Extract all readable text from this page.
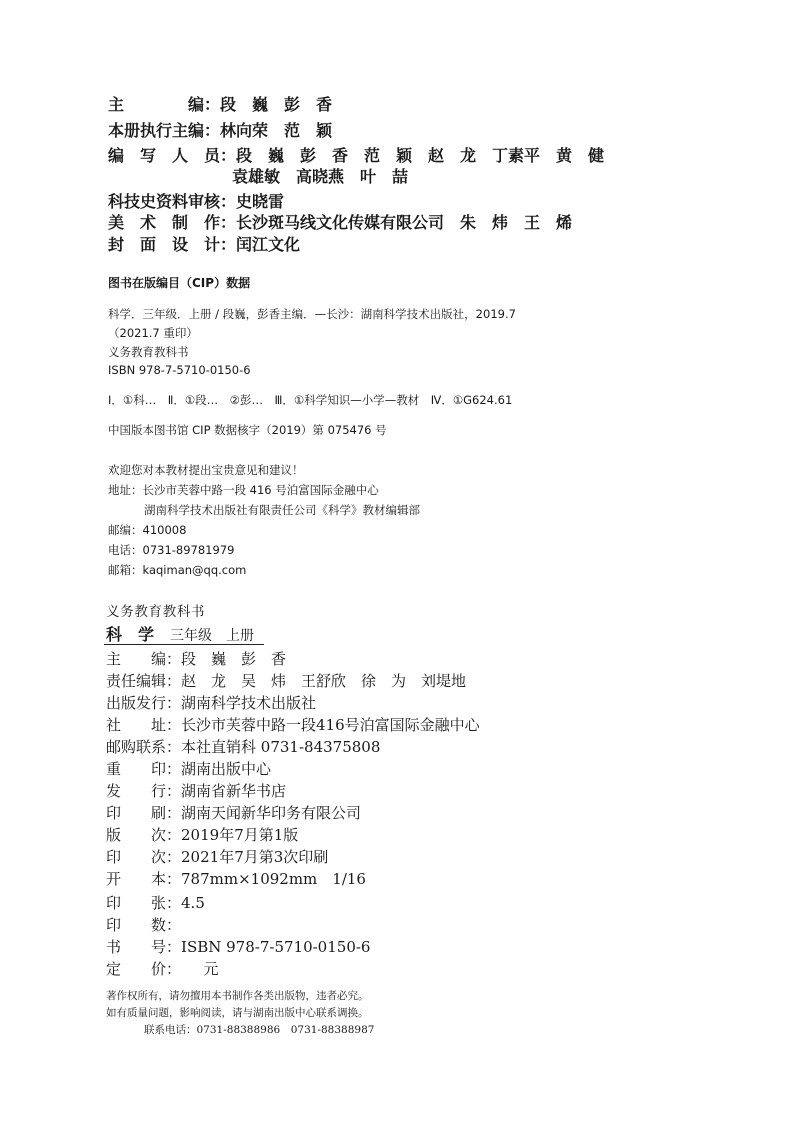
主　　　　编：段　巍　彭　香
本册执行主编：林向荣　范　颖
编　写　人　员：段　巍　彭　香　范　颖　赵　龙　丁素平　黄　健
袁雄敏　高晓燕　叶　喆
科技史资料审核：史晓雷
美　术　制　作：长沙斑马线文化传媒有限公司　朱　炜　王　烯
封　面　设　计：闰江文化
图书在版编目（CIP）数据
科学．三年级．上册 / 段巍，彭香主编．—长沙：湖南科学技术出版社，2019.7
（2021.7 重印）
义务教育教科书
ISBN 978-7-5710-0150-6
Ⅰ．①科…　Ⅱ．①段…　②彭…　Ⅲ．①科学知识—小学—教材　Ⅳ．①G624.61
中国版本图书馆 CIP 数据核字（2019）第 075476 号
欢迎您对本教材提出宝贵意见和建议！
地址：长沙市芙蓉中路一段 416 号泊富国际金融中心
湖南科学技术出版社有限责任公司《科学》教材编辑部
邮编：410008
电话：0731-89781979
邮箱：kaqiman@qq.com
义务教育教科书
科　学　 三年级　上册
主　　编：段　巍　彭　香
责任编辑：赵　龙　吴　炜　王舒欣　徐　为　刘堤地
出版发行：湖南科学技术出版社
社　　址：长沙市芙蓉中路一段416号泊富国际金融中心
邮购联系：本社直销科 0731-84375808
重　　印：湖南出版中心
发　　行：湖南省新华书店
印　　刷：湖南天闻新华印务有限公司
版　　次：2019年7月第1版
印　　次：2021年7月第3次印刷
开　　本：787mm×1092mm　1/16
印　　张：4.5
印　　数：
书　　号：ISBN 978-7-5710-0150-6
定　　价：　　元
著作权所有，请勿擅用本书制作各类出版物，违者必究。
如有质量问题，影响阅读，请与湖南出版中心联系调换。
联系电话：0731-88388986　0731-88388987
